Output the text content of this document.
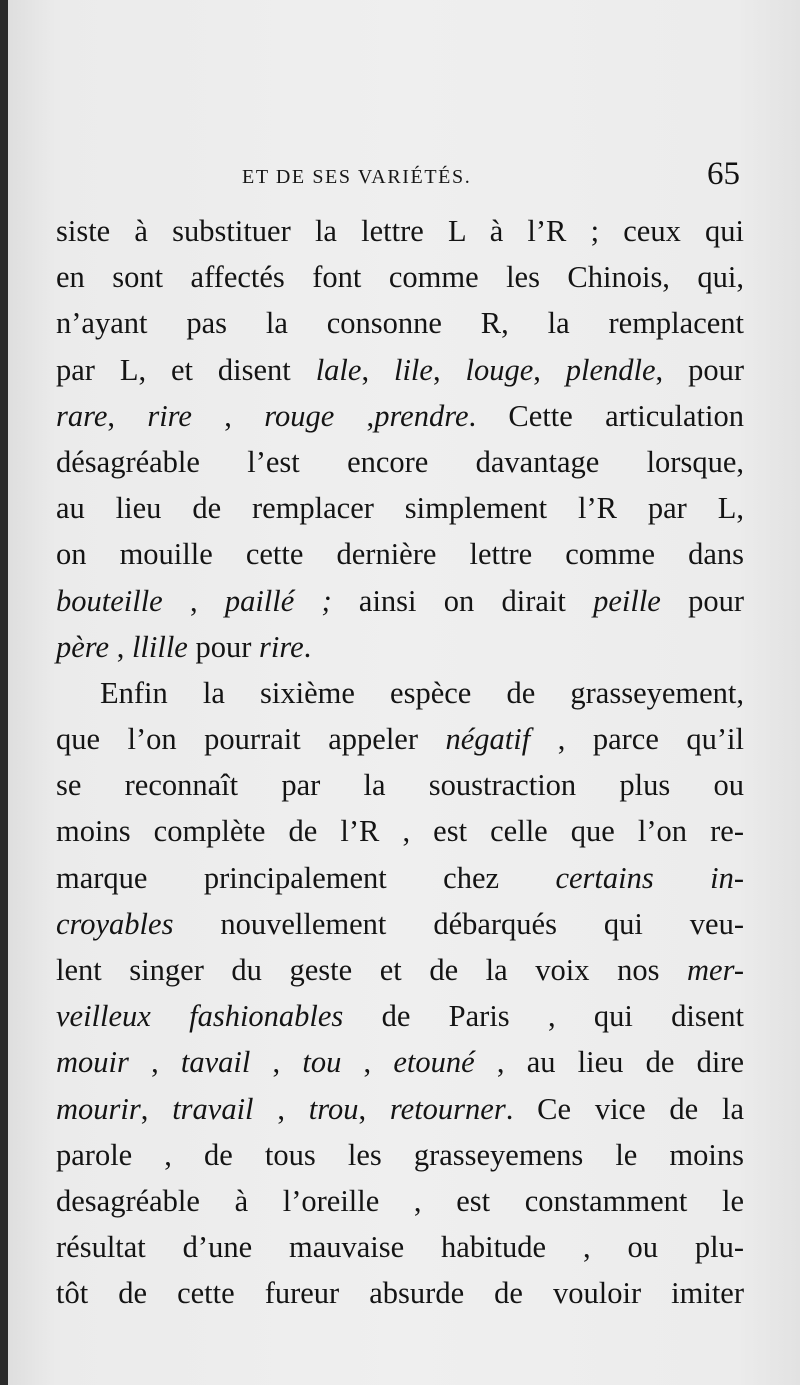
ET DE SES VARIÉTÉS.	65
siste à substituer la lettre L à l’R ; ceux qui
en sont affectés font comme les Chinois, qui,
n’ayant pas la consonne R, la remplacent
par L, et disent lale, lile, louge, plendle, pour
rare, rire , rouge ,prendre. Cette articulation
désagréable l’est encore davantage lorsque,
au lieu de remplacer simplement l’R par L,
on mouille cette dernière lettre comme dans
bouteille , paillé ; ainsi on dirait peille pour
père , llille pour rire.
Enfin la sixième espèce de grasseyement,
que l’on pourrait appeler négatif , parce qu’il
se reconnaît par la soustraction plus ou
moins complète de l’R , est celle que l’on re-
marque principalement chez certains in-
croyables nouvellement débarqués qui veu-
lent singer du geste et de la voix nos mer-
veilleux fashionables de Paris , qui disent
mouir , tavail , tou , etouné , au lieu de dire
mourir, travail , trou, retourner. Ce vice de la
parole , de tous les grasseyemens le moins
desagréable à l’oreille , est constamment le
résultat d’une mauvaise habitude , ou plu-
tôt de cette fureur absurde de vouloir imiter
